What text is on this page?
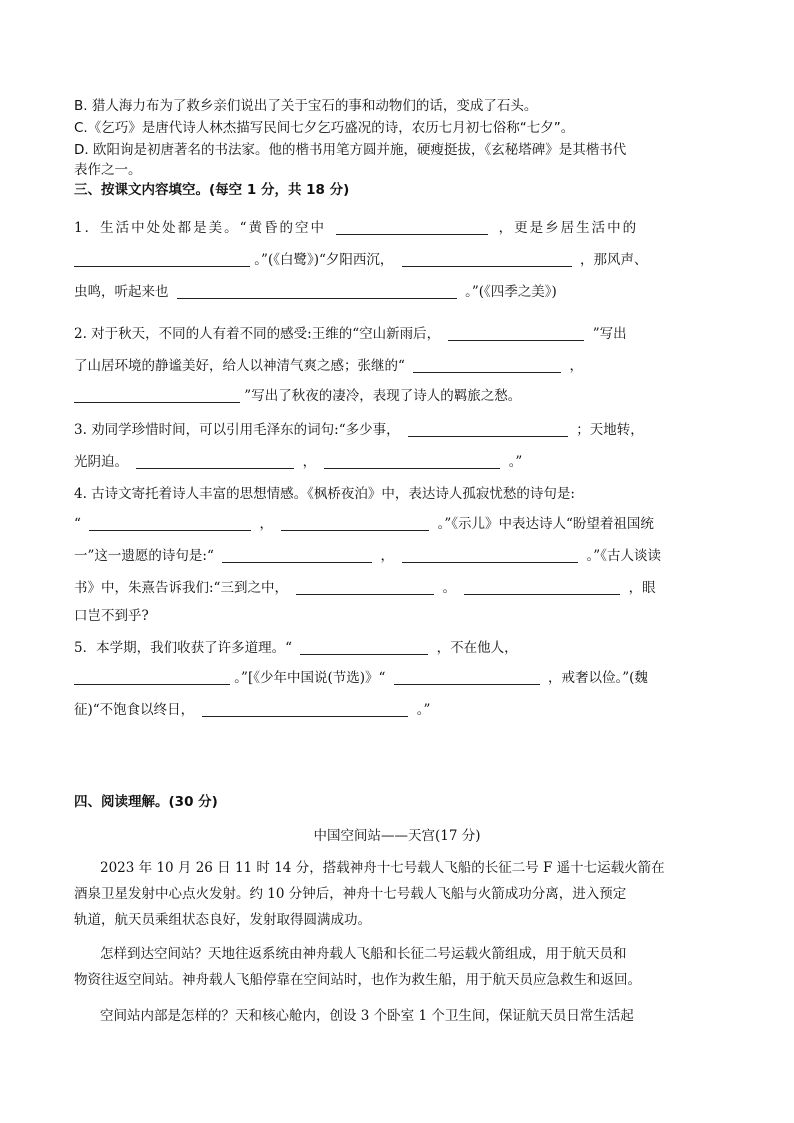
B. 猎人海力布为了救乡亲们说出了关于宝石的事和动物们的话，变成了石头。
C.《乞巧》是唐代诗人林杰描写民间七夕乞巧盛况的诗，农历七月初七俗称“七夕”。
D. 欧阳询是初唐著名的书法家。他的楷书用笔方圆并施，硬瘦挺拔，《玄秘塔碑》是其楷书代
表作之一。
三、按课文内容填空。(每空 1 分，共 18 分)
1．生活中处处都是美。“黄昏的空中	，更是乡居生活中的
。”(《白鹭》)“夕阳西沉，	，那风声、
虫鸣，听起来也	。”(《四季之美》)
2. 对于秋天，不同的人有着不同的感受:王维的“空山新雨后，	”写出
了山居环境的静谧美好，给人以神清气爽之感；张继的“	，
”写出了秋夜的凄冷，表现了诗人的羁旅之愁。
3. 劝同学珍惜时间，可以引用毛泽东的词句:“多少事，	；天地转，
光阴迫。	，	。”
4. 古诗文寄托着诗人丰富的思想情感。《枫桥夜泊》中，表达诗人孤寂忧愁的诗句是:
“	，	。”《示儿》中表达诗人“盼望着祖国统
一”这一遗愿的诗句是:“	，	。”《古人谈读
书》中，朱熹告诉我们:“三到之中，	。	，眼
口岂不到乎?
5．本学期，我们收获了许多道理。“	，不在他人，
。”[《少年中国说(节选)》“	，戒奢以俭。”(魏
征)“不饱食以终日，	。”
四、阅读理解。(30 分)
中国空间站——天宫(17 分)
2023 年 10 月 26 日 11 时 14 分，搭载神舟十七号载人飞船的长征二号 F 遥十七运载火箭在
酒泉卫星发射中心点火发射。约 10 分钟后，神舟十七号载人飞船与火箭成功分离，进入预定
轨道，航天员乘组状态良好，发射取得圆满成功。
怎样到达空间站？天地往返系统由神舟载人飞船和长征二号运载火箭组成，用于航天员和
物资往返空间站。神舟载人飞船停靠在空间站时，也作为救生船，用于航天员应急救生和返回。
空间站内部是怎样的？天和核心舱内，创设 3 个卧室 1 个卫生间，保证航天员日常生活起
